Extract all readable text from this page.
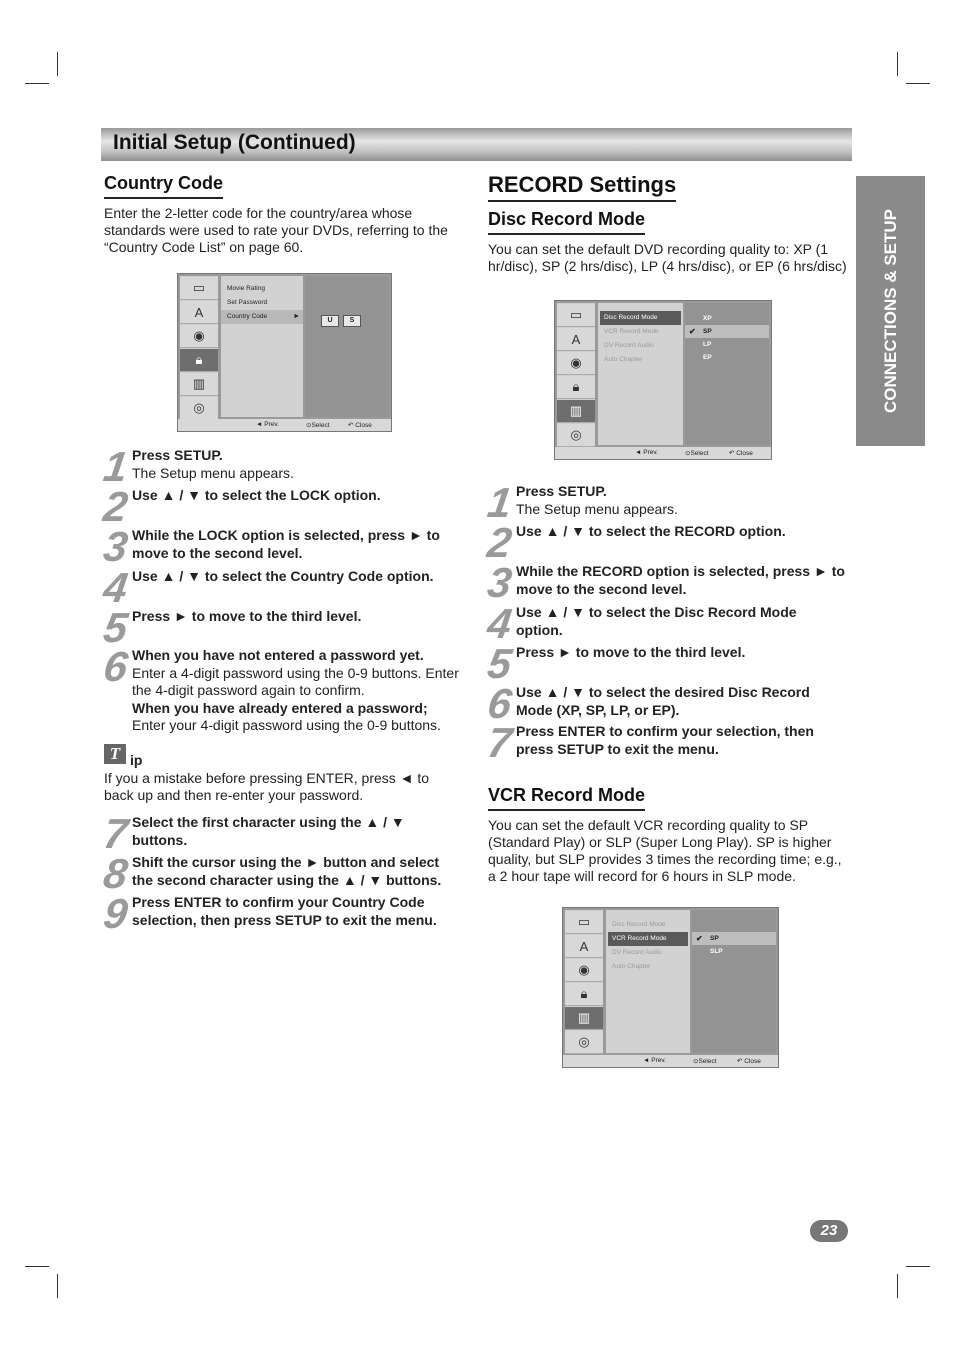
Initial Setup (Continued)
CONNECTIONS & SETUP
Country Code

Enter the 2-letter code for the country/area whose standards were used to rate your DVDs, referring to the “Country Code List” on page 60.

▭
A
◉
🔒︎
▥
◎
Movie Rating
Set Password
Country Code	►
U	S
◄ Prev.	⊙Select	↶ Close
1 Press SETUP.
The Setup menu appears.
2 Use ▲ / ▼ to select the LOCK option.
3 While the LOCK option is selected, press ► to move to the second level.
4 Use ▲ / ▼ to select the Country Code option.
5 Press ► to move to the third level.
6 When you have not entered a password yet.
Enter a 4-digit password using the 0-9 buttons. Enter the 4-digit password again to confirm.
When you have already entered a password;
Enter your 4-digit password using the 0-9 buttons.
T ip

If you a mistake before pressing ENTER, press ◄ to back up and then re-enter your password.

7 Select the first character using the ▲ / ▼ buttons.
8 Shift the cursor using the ► button and select the second character using the ▲ / ▼ buttons.
9 Press ENTER to confirm your Country Code selection, then press SETUP to exit the menu.
RECORD Settings
Disc Record Mode

You can set the default DVD recording quality to: XP (1 hr/disc), SP (2 hrs/disc), LP (4 hrs/disc), or EP (6 hrs/disc)

▭
A
◉
🔒︎
▥
◎
Disc Record Mode
VCR Record Mode
DV Record Audio
Auto Chapter
XP
✔ SP
LP
EP
◄ Prev.	⊙Select	↶ Close
1 Press SETUP.
The Setup menu appears.
2 Use ▲ / ▼ to select the RECORD option.
3 While the RECORD option is selected, press ► to move to the second level.
4 Use ▲ / ▼ to select the Disc Record Mode option.
5 Press ► to move to the third level.
6 Use ▲ / ▼ to select the desired Disc Record Mode (XP, SP, LP, or EP).
7 Press ENTER to confirm your selection, then press SETUP to exit the menu.
VCR Record Mode

You can set the default VCR recording quality to SP (Standard Play) or SLP (Super Long Play). SP is higher quality, but SLP provides 3 times the recording time; e.g., a 2 hour tape will record for 6 hours in SLP mode.

▭
A
◉
🔒︎
▥
◎
Disc Record Mode
VCR Record Mode
DV Record Audio
Auto Chapter
✔ SP
SLP
◄ Prev.	⊙Select	↶ Close
23
